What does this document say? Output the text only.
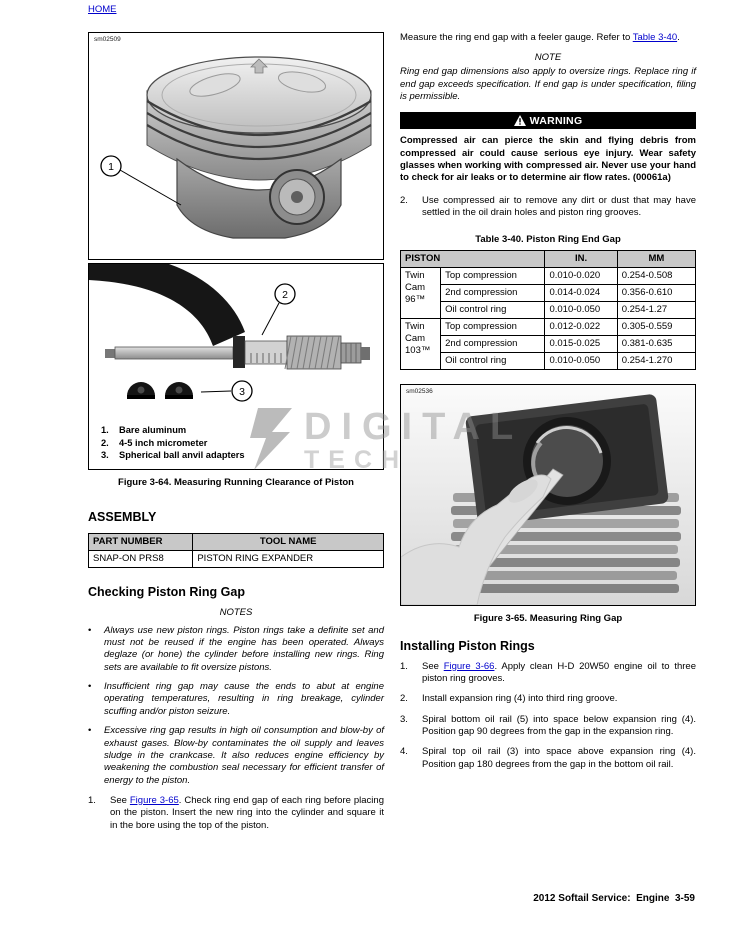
HOME
sm02509
1
2
3
1.	Bare aluminum
2.	4-5 inch micrometer
3.	Spherical ball anvil adapters
Figure 3-64. Measuring Running Clearance of Piston
ASSEMBLY
PART NUMBER	TOOL NAME
SNAP-ON PRS8	PISTON RING EXPANDER
Checking Piston Ring Gap
NOTES
•
Always use new piston rings. Piston rings take a definite set and must not be reused if the engine has been operated. Always deglaze (or hone) the cylinder before installing new rings. Ring sets are available to fit oversize pistons.
•
Insufficient ring gap may cause the ends to abut at engine operating temperatures, resulting in ring breakage, cylinder scuffing and/or piston seizure.
•
Excessive ring gap results in high oil consumption and blow-by of exhaust gases. Blow-by contaminates the oil supply and leaves sludge in the crankcase. It also reduces engine efficiency by weakening the combustion seal necessary for efficient transfer of energy to the piston.
1.	See Figure 3-65. Check ring end gap of each ring before placing on the piston. Insert the new ring into the cylinder and square it in the bore using the top of the piston.

Measure the ring end gap with a feeler gauge. Refer to Table 3-40.

NOTE

Ring end gap dimensions also apply to oversize rings. Replace ring if end gap exceeds specification. If end gap is under specification, filing is permissible.

WARNING

Compressed air can pierce the skin and flying debris from compressed air could cause serious eye injury. Wear safety glasses when working with compressed air. Never use your hand to check for air leaks or to determine air flow rates. (00061a)

2.	Use compressed air to remove any dirt or dust that may have settled in the oil drain holes and piston ring grooves.
Table 3-40. Piston Ring End Gap
PISTON		IN.	MM
Twin Cam 96™	Top compression	0.010-0.020	0.254-0.508
	2nd compression	0.014-0.024	0.356-0.610
	Oil control ring	0.010-0.050	0.254-1.27
Twin Cam 103™	Top compression	0.012-0.022	0.305-0.559
	2nd compression	0.015-0.025	0.381-0.635
	Oil control ring	0.010-0.050	0.254-1.270
sm02536
Figure 3-65. Measuring Ring Gap
Installing Piston Rings
1.	See Figure 3-66. Apply clean H-D 20W50 engine oil to three piston ring grooves.
2.	Install expansion ring (4) into third ring groove.
3.	Spiral bottom oil rail (5) into space below expansion ring (4). Position gap 90 degrees from the gap in the expansion ring.
4.	Spiral top oil rail (3) into space above expansion ring (4). Position gap 180 degrees from the gap in the bottom oil rail.
DIGITAL
TECH
2012 Softail Service:  Engine  3-59
